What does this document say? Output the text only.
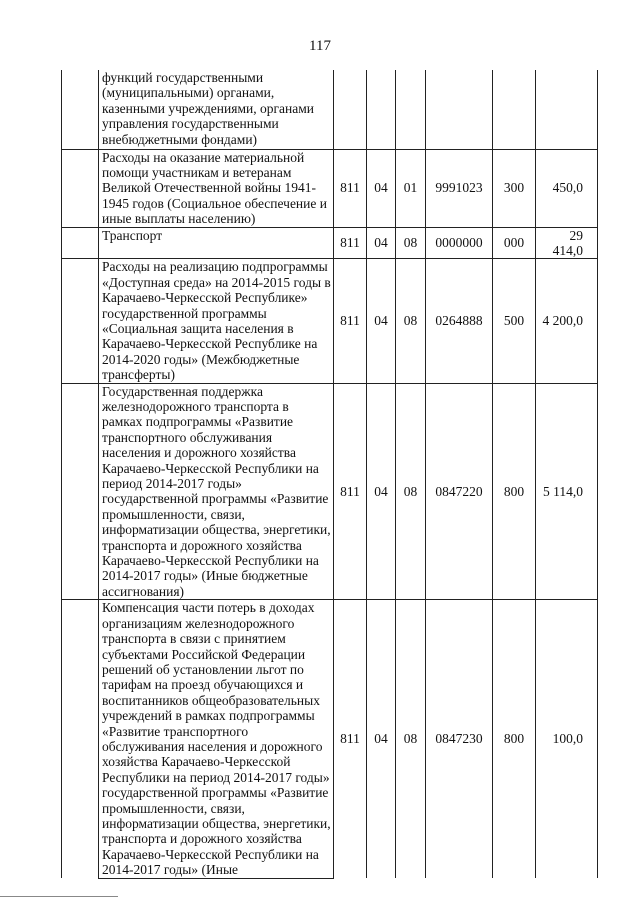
117
	функций государственными (муниципальными) органами, казенными учреждениями, органами управления государственными внебюджетными фондами)						
	Расходы на оказание материальной помощи участникам и ветеранам Великой Отечественной войны 1941-1945 годов (Социальное обеспечение и иные выплаты населению)	811	04	01	9991023	300	450,0
	Транспорт	811	04	08	0000000	000	29 414,0
	Расходы на реализацию подпрограммы «Доступная среда» на 2014-2015 годы в Карачаево-Черкесской Республике» государственной программы «Социальная защита населения в Карачаево-Черкесской Республике на 2014-2020 годы» (Межбюджетные трансферты)	811	04	08	0264888	500	4 200,0
	Государственная поддержка железнодорожного транспорта в рамках подпрограммы «Развитие транспортного обслуживания населения и дорожного хозяйства Карачаево-Черкесской Республики на период 2014-2017 годы» государственной программы «Развитие промышленности, связи, информатизации общества, энергетики, транспорта и дорожного хозяйства Карачаево-Черкесской Республики на 2014-2017 годы» (Иные бюджетные ассигнования)	811	04	08	0847220	800	5 114,0
	Компенсация части потерь в доходах организациям железнодорожного транспорта в связи с принятием субъектами Российской Федерации решений об установлении льгот по тарифам на проезд обучающихся и воспитанников общеобразовательных учреждений в рамках подпрограммы «Развитие транспортного обслуживания населения и дорожного хозяйства Карачаево-Черкесской Республики на период 2014-2017 годы» государственной программы «Развитие промышленности, связи, информатизации общества, энергетики, транспорта и дорожного хозяйства Карачаево-Черкесской Республики на 2014-2017 годы» (Иные	811	04	08	0847230	800	100,0
